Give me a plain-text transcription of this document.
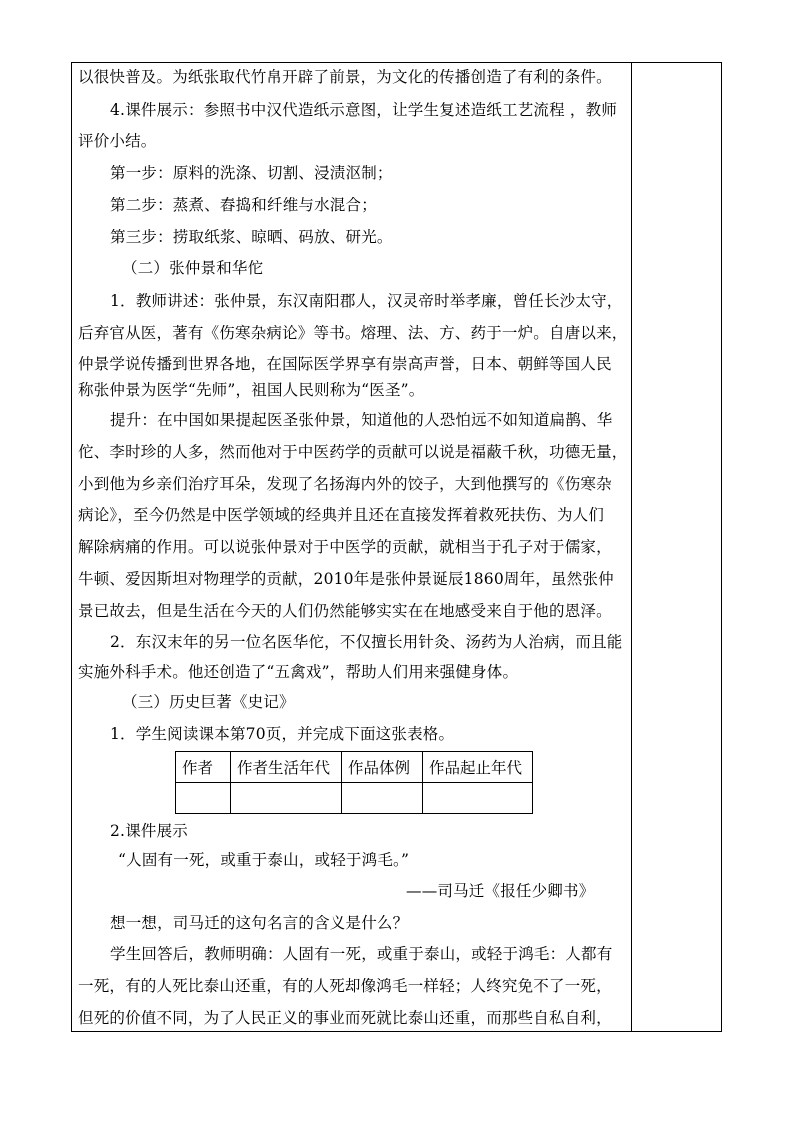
以很快普及。为纸张取代竹帛开辟了前景，为文化的传播创造了有利的条件。
4.课件展示：参照书中汉代造纸示意图，让学生复述造纸工艺流程 ，教师
评价小结。
第一步：原料的洗涤、切割、浸渍沤制；
第二步：蒸煮、舂捣和纤维与水混合；
第三步：捞取纸浆、晾晒、码放、研光。
（二）张仲景和华佗
1．教师讲述：张仲景，东汉南阳郡人，汉灵帝时举孝廉，曾任长沙太守，
后弃官从医，著有《伤寒杂病论》等书。熔理、法、方、药于一炉。自唐以来，
仲景学说传播到世界各地，在国际医学界享有崇高声誉，日本、朝鲜等国人民
称张仲景为医学“先师”，祖国人民则称为“医圣”。
提升：在中国如果提起医圣张仲景，知道他的人恐怕远不如知道扁鹊、华
佗、李时珍的人多，然而他对于中医药学的贡献可以说是福蔽千秋，功德无量，
小到他为乡亲们治疗耳朵，发现了名扬海内外的饺子，大到他撰写的《伤寒杂
病论》，至今仍然是中医学领域的经典并且还在直接发挥着救死扶伤、为人们
解除病痛的作用。可以说张仲景对于中医学的贡献，就相当于孔子对于儒家，
牛顿、爱因斯坦对物理学的贡献，2010年是张仲景诞辰1860周年，虽然张仲
景已故去，但是生活在今天的人们仍然能够实实在在地感受来自于他的恩泽。
2．东汉末年的另一位名医华佗，不仅擅长用针灸、汤药为人治病，而且能
实施外科手术。他还创造了“五禽戏”，帮助人们用来强健身体。
（三）历史巨著《史记》
1．学生阅读课本第70页，并完成下面这张表格。
作者	作者生活年代	作品体例	作品起止年代

2.课件展示
“人固有一死，或重于泰山，或轻于鸿毛。”
——司马迁《报任少卿书》
想一想，司马迁的这句名言的含义是什么？
学生回答后，教师明确：人固有一死，或重于泰山，或轻于鸿毛：人都有
一死，有的人死比泰山还重，有的人死却像鸿毛一样轻；人终究免不了一死，
但死的价值不同，为了人民正义的事业而死就比泰山还重，而那些自私自利，
